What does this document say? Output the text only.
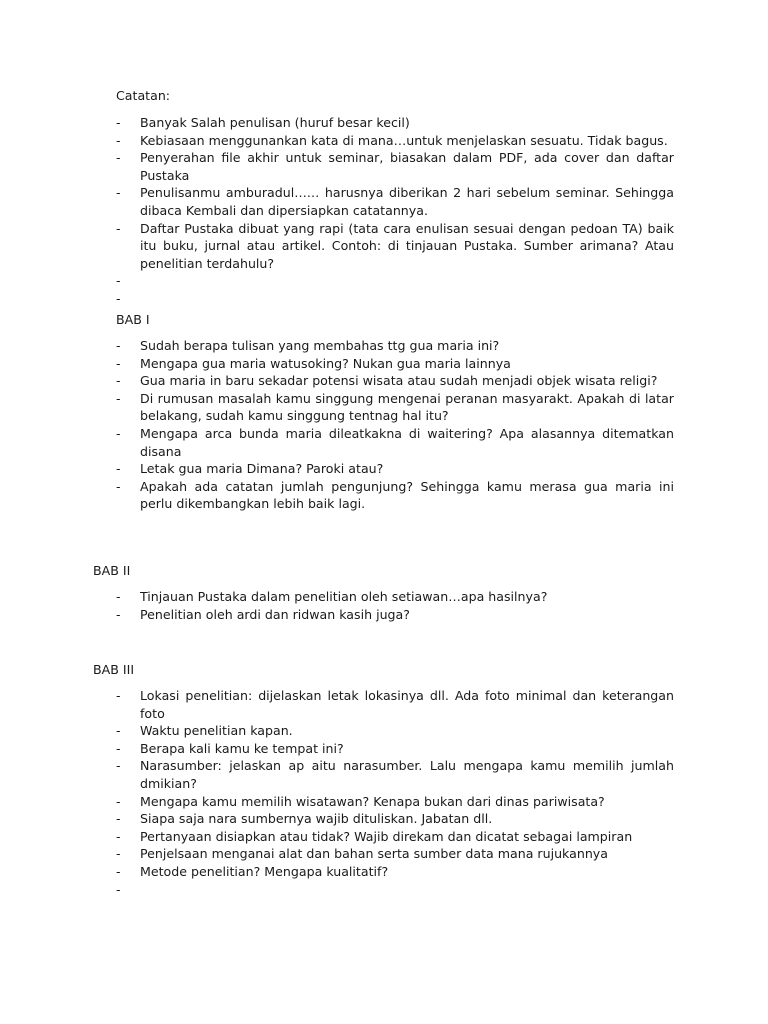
Catatan:

- Banyak Salah penulisan (huruf besar kecil)
- Kebiasaan menggunankan kata di mana…untuk menjelaskan sesuatu. Tidak bagus.
- Penyerahan file akhir untuk seminar, biasakan dalam PDF, ada cover dan daftar Pustaka
- Penulisanmu amburadul…… harusnya diberikan 2 hari sebelum seminar. Sehingga dibaca Kembali dan dipersiapkan catatannya.
- Daftar Pustaka dibuat yang rapi (tata cara enulisan sesuai dengan pedoan TA) baik itu buku, jurnal atau artikel. Contoh: di tinjauan Pustaka. Sumber arimana? Atau penelitian terdahulu?
-
-

BAB I

- Sudah berapa tulisan yang membahas ttg gua maria ini?
- Mengapa gua maria watusoking? Nukan gua maria lainnya
- Gua maria in baru sekadar potensi wisata atau sudah menjadi objek wisata religi?
- Di rumusan masalah kamu singgung mengenai peranan masyarakt. Apakah di latar belakang, sudah kamu singgung tentnag hal itu?
- Mengapa arca bunda maria dileatkakna di waitering? Apa alasannya ditematkan disana
- Letak gua maria Dimana? Paroki atau?
- Apakah ada catatan jumlah pengunjung? Sehingga kamu merasa gua maria ini perlu dikembangkan lebih baik lagi.

BAB II

- Tinjauan Pustaka dalam penelitian oleh setiawan…apa hasilnya?
- Penelitian oleh ardi dan ridwan kasih juga?

BAB III

- Lokasi penelitian: dijelaskan letak lokasinya dll. Ada foto minimal dan keterangan foto
- Waktu penelitian kapan.
- Berapa kali kamu ke tempat ini?
- Narasumber: jelaskan ap aitu narasumber. Lalu mengapa kamu memilih jumlah dmikian?
- Mengapa kamu memilih wisatawan? Kenapa bukan dari dinas pariwisata?
- Siapa saja nara sumbernya wajib dituliskan. Jabatan dll.
- Pertanyaan disiapkan atau tidak? Wajib direkam dan dicatat sebagai lampiran
- Penjelsaan menganai alat dan bahan serta sumber data mana rujukannya
- Metode penelitian? Mengapa kualitatif?
-
